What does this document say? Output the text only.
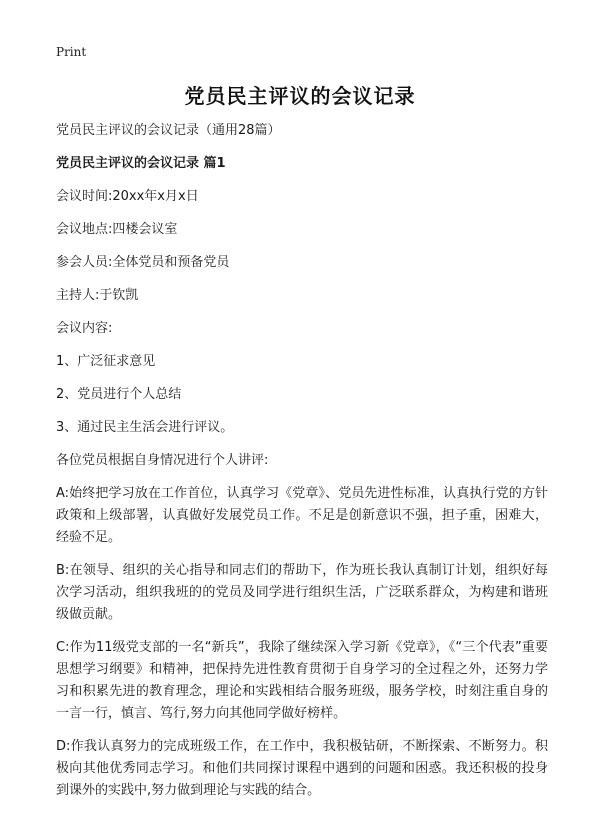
Print
党员民主评议的会议记录

党员民主评议的会议记录（通用28篇）

党员民主评议的会议记录 篇1

会议时间:20xx年x月x日

会议地点:四楼会议室

参会人员:全体党员和预备党员

主持人:于钦凯

会议内容:

1、广泛征求意见

2、党员进行个人总结

3、通过民主生活会进行评议。

各位党员根据自身情况进行个人讲评:

A:始终把学习放在工作首位，认真学习《党章》、党员先进性标准，认真执行党的方针政策和上级部署，认真做好发展党员工作。不足是创新意识不强，担子重，困难大，经验不足。

B:在领导、组织的关心指导和同志们的帮助下，作为班长我认真制订计划，组织好每次学习活动，组织我班的的党员及同学进行组织生活，广泛联系群众，为构建和谐班级做贡献。

C:作为11级党支部的一名“新兵”，我除了继续深入学习新《党章》，《“三个代表”重要思想学习纲要》和精神，把保持先进性教育贯彻于自身学习的全过程之外，还努力学习和积累先进的教育理念，理论和实践相结合服务班级，服务学校，时刻注重自身的一言一行，慎言、笃行,努力向其他同学做好榜样。

D:作我认真努力的完成班级工作，在工作中，我积极钻研，不断探索、不断努力。积极向其他优秀同志学习。和他们共同探讨课程中遇到的问题和困惑。我还积极的投身到课外的实践中,努力做到理论与实践的结合。
